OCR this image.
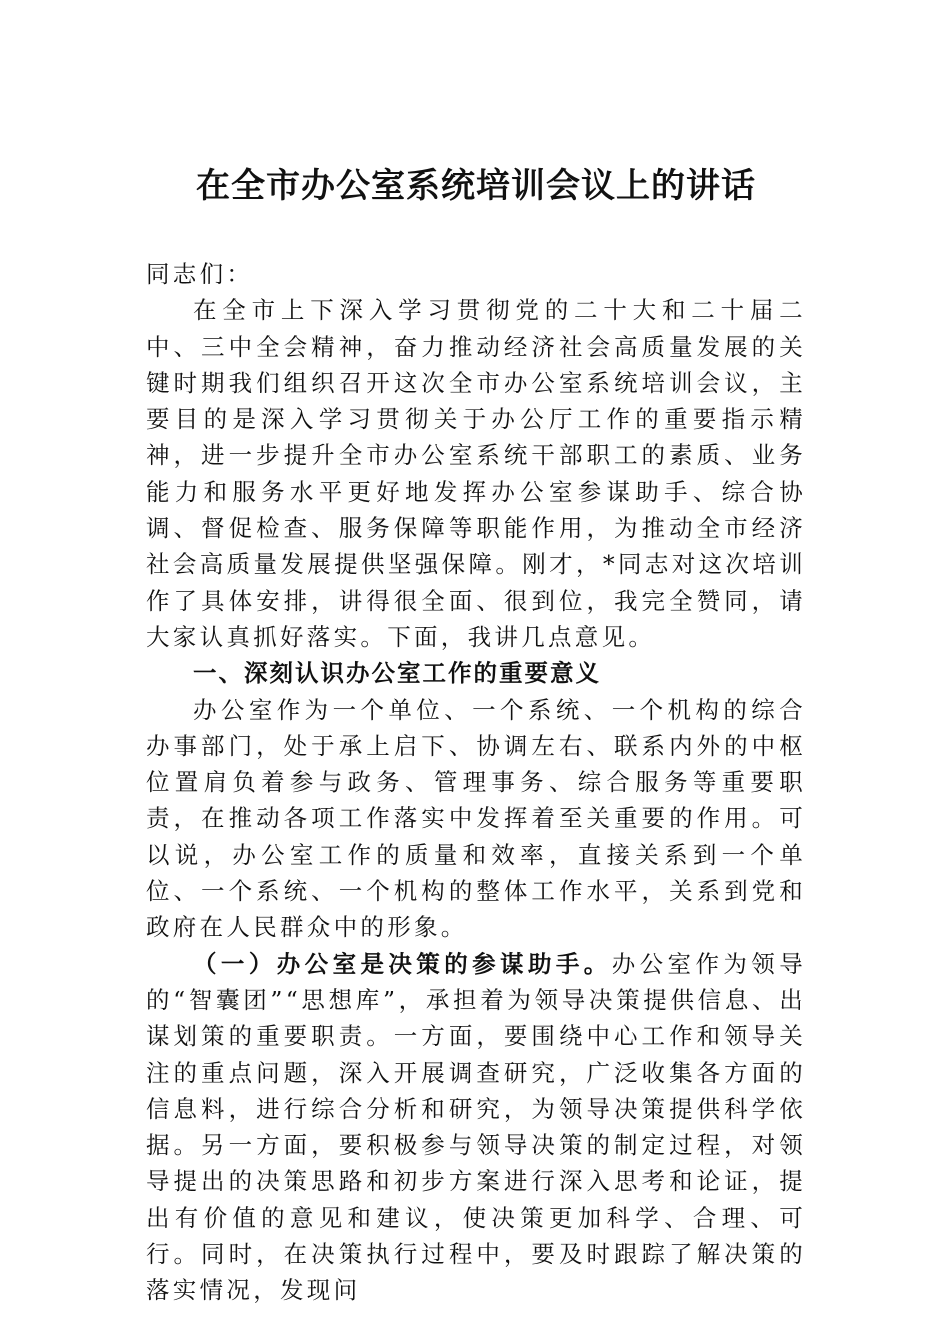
在全市办公室系统培训会议上的讲话

同志们：

在全市上下深入学习贯彻党的二十大和二十届二中、三中全会精神，奋力推动经济社会高质量发展的关键时期我们组织召开这次全市办公室系统培训会议，主要目的是深入学习贯彻关于办公厅工作的重要指示精神，进一步提升全市办公室系统干部职工的素质、业务能力和服务水平更好地发挥办公室参谋助手、综合协调、督促检查、服务保障等职能作用，为推动全市经济社会高质量发展提供坚强保障。刚才，*同志对这次培训作了具体安排，讲得很全面、很到位，我完全赞同，请大家认真抓好落实。下面，我讲几点意见。

一、深刻认识办公室工作的重要意义

办公室作为一个单位、一个系统、一个机构的综合办事部门，处于承上启下、协调左右、联系内外的中枢位置肩负着参与政务、管理事务、综合服务等重要职责，在推动各项工作落实中发挥着至关重要的作用。可以说，办公室工作的质量和效率，直接关系到一个单位、一个系统、一个机构的整体工作水平，关系到党和政府在人民群众中的形象。

（一）办公室是决策的参谋助手。办公室作为领导的“智囊团”“思想库”，承担着为领导决策提供信息、出谋划策的重要职责。一方面，要围绕中心工作和领导关注的重点问题，深入开展调查研究，广泛收集各方面的信息料，进行综合分析和研究，为领导决策提供科学依据。另一方面，要积极参与领导决策的制定过程，对领导提出的决策思路和初步方案进行深入思考和论证，提出有价值的意见和建议，使决策更加科学、合理、可行。同时，在决策执行过程中，要及时跟踪了解决策的落实情况，发现问
